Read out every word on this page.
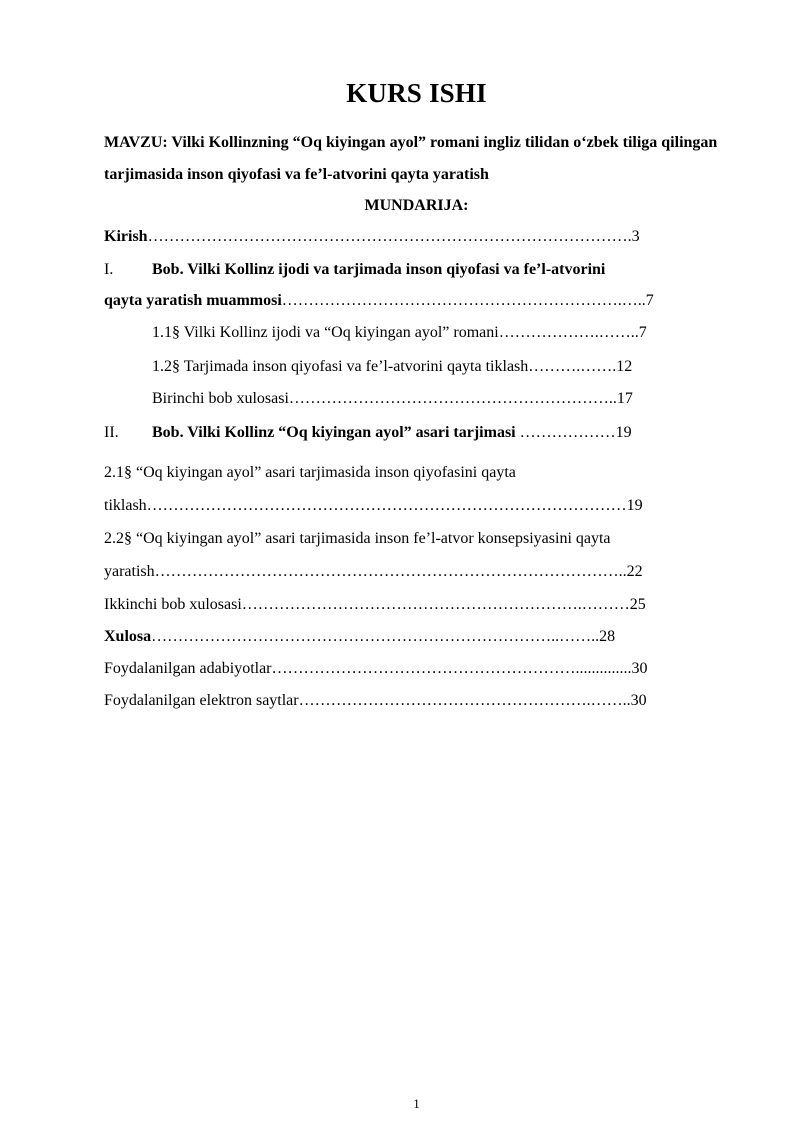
KURS ISHI
MAVZU: Vilki Kollinzning “Oq kiyingan ayol” romani ingliz tilidan o‘zbek tiliga qilingan tarjimasida inson qiyofasi va fe’l-atvorini qayta yaratish
MUNDARIJA:
Kirish……………………………………………………………………………….3
I. Bob. Vilki Kollinz ijodi va tarjimada inson qiyofasi va fe’l-atvorini
qayta yaratish muammosi……………………………………………………….…..7
1.1§ Vilki Kollinz ijodi va “Oq kiyingan ayol” romani……………….……..7
1.2§ Tarjimada inson qiyofasi va fe’l-atvorini qayta tiklash……….…….12
Birinchi bob xulosasi……………………………………………………..17
II. Bob. Vilki Kollinz “Oq kiyingan ayol” asari tarjimasi ………………19
2.1§ “Oq kiyingan ayol” asari tarjimasida inson qiyofasini qayta
tiklash………………………………………………………………………………19
2.2§ “Oq kiyingan ayol” asari tarjimasida inson fe’l-atvor konsepsiyasini qayta
yaratish……………………………………………………………………………..22
Ikkinchi bob xulosasi……………………………………………………….………25
Xulosa…………………………………………………………………..……..28
Foydalanilgan adabiyotlar…………………………………………………..............30
Foydalanilgan elektron saytlar……………………………………………….……..30
1
